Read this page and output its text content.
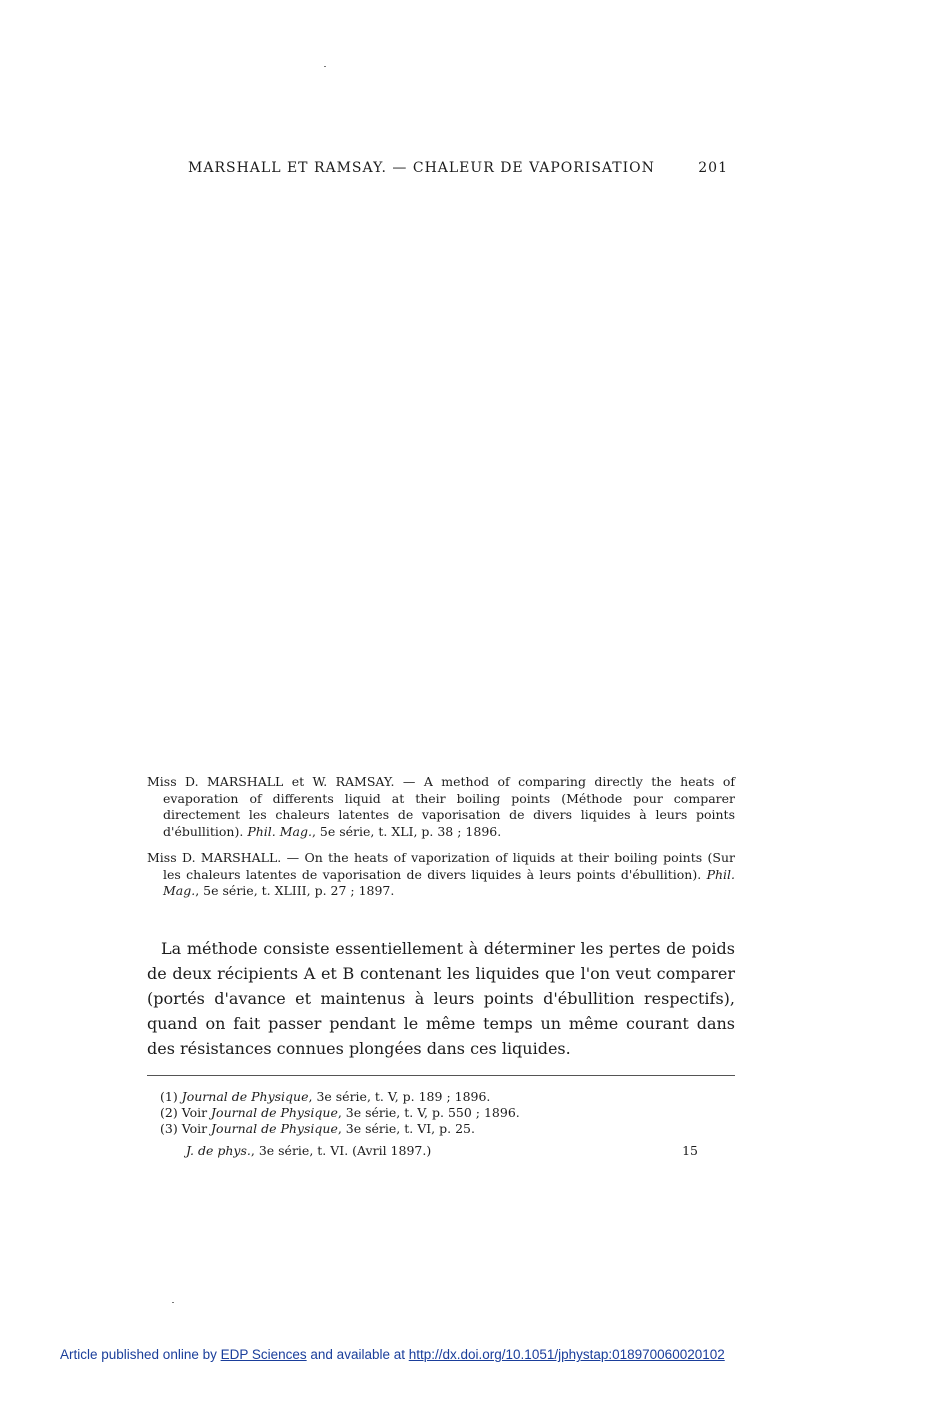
MARSHALL ET RAMSAY. — CHALEUR DE VAPORISATION	201
Miss D. MARSHALL et W. RAMSAY. — A method of comparing directly the heats of evaporation of differents liquid at their boiling points (Méthode pour comparer directement les chaleurs latentes de vaporisation de divers liquides à leurs points d'ébullition). Phil. Mag., 5e série, t. XLI, p. 38 ; 1896.
Miss D. MARSHALL. — On the heats of vaporization of liquids at their boiling points (Sur les chaleurs latentes de vaporisation de divers liquides à leurs points d'ébullition). Phil. Mag., 5e série, t. XLIII, p. 27 ; 1897.
La méthode consiste essentiellement à déterminer les pertes de poids de deux récipients A et B contenant les liquides que l'on veut comparer (portés d'avance et maintenus à leurs points d'ébullition respectifs), quand on fait passer pendant le même temps un même courant dans des résistances connues plongées dans ces liquides.
(1) Journal de Physique, 3e série, t. V, p. 189 ; 1896.
(2) Voir Journal de Physique, 3e série, t. V, p. 550 ; 1896.
(3) Voir Journal de Physique, 3e série, t. VI, p. 25.
J. de phys., 3e série, t. VI. (Avril 1897.)	15
Article published online by EDP Sciences and available at http://dx.doi.org/10.1051/jphystap:018970060020102
